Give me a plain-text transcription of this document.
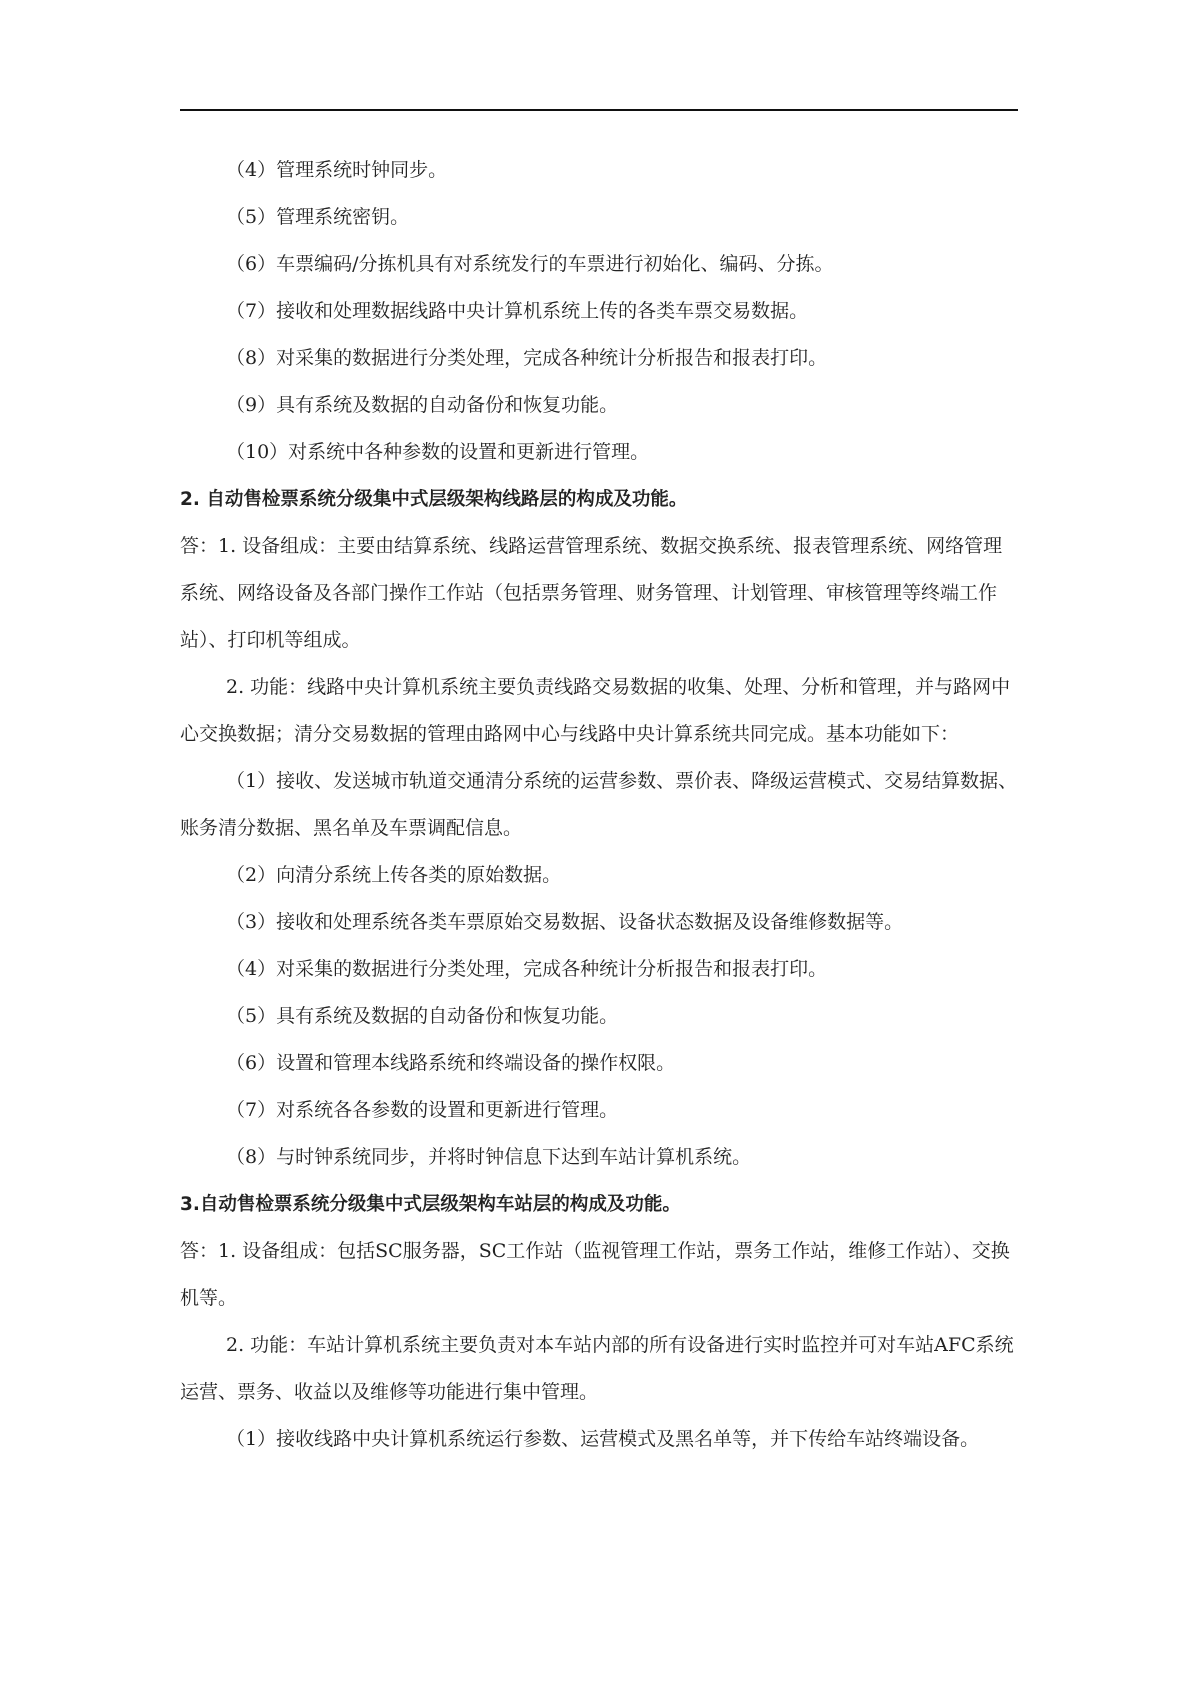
（4）管理系统时钟同步。

（5）管理系统密钥。

（6）车票编码/分拣机具有对系统发行的车票进行初始化、编码、分拣。

（7）接收和处理数据线路中央计算机系统上传的各类车票交易数据。

（8）对采集的数据进行分类处理，完成各种统计分析报告和报表打印。

（9）具有系统及数据的自动备份和恢复功能。

（10）对系统中各种参数的设置和更新进行管理。

2. 自动售检票系统分级集中式层级架构线路层的构成及功能。

答：1. 设备组成：主要由结算系统、线路运营管理系统、数据交换系统、报表管理系统、网络管理系统、网络设备及各部门操作工作站（包括票务管理、财务管理、计划管理、审核管理等终端工作站）、打印机等组成。

2. 功能：线路中央计算机系统主要负责线路交易数据的收集、处理、分析和管理，并与路网中心交换数据；清分交易数据的管理由路网中心与线路中央计算系统共同完成。基本功能如下：

（1）接收、发送城市轨道交通清分系统的运营参数、票价表、降级运营模式、交易结算数据、账务清分数据、黑名单及车票调配信息。

（2）向清分系统上传各类的原始数据。

（3）接收和处理系统各类车票原始交易数据、设备状态数据及设备维修数据等。

（4）对采集的数据进行分类处理，完成各种统计分析报告和报表打印。

（5）具有系统及数据的自动备份和恢复功能。

（6）设置和管理本线路系统和终端设备的操作权限。

（7）对系统各各参数的设置和更新进行管理。

（8）与时钟系统同步，并将时钟信息下达到车站计算机系统。

3.自动售检票系统分级集中式层级架构车站层的构成及功能。

答：1. 设备组成：包括SC服务器，SC工作站（监视管理工作站，票务工作站，维修工作站）、交换机等。

2. 功能：车站计算机系统主要负责对本车站内部的所有设备进行实时监控并可对车站AFC系统运营、票务、收益以及维修等功能进行集中管理。

（1）接收线路中央计算机系统运行参数、运营模式及黑名单等，并下传给车站终端设备。
